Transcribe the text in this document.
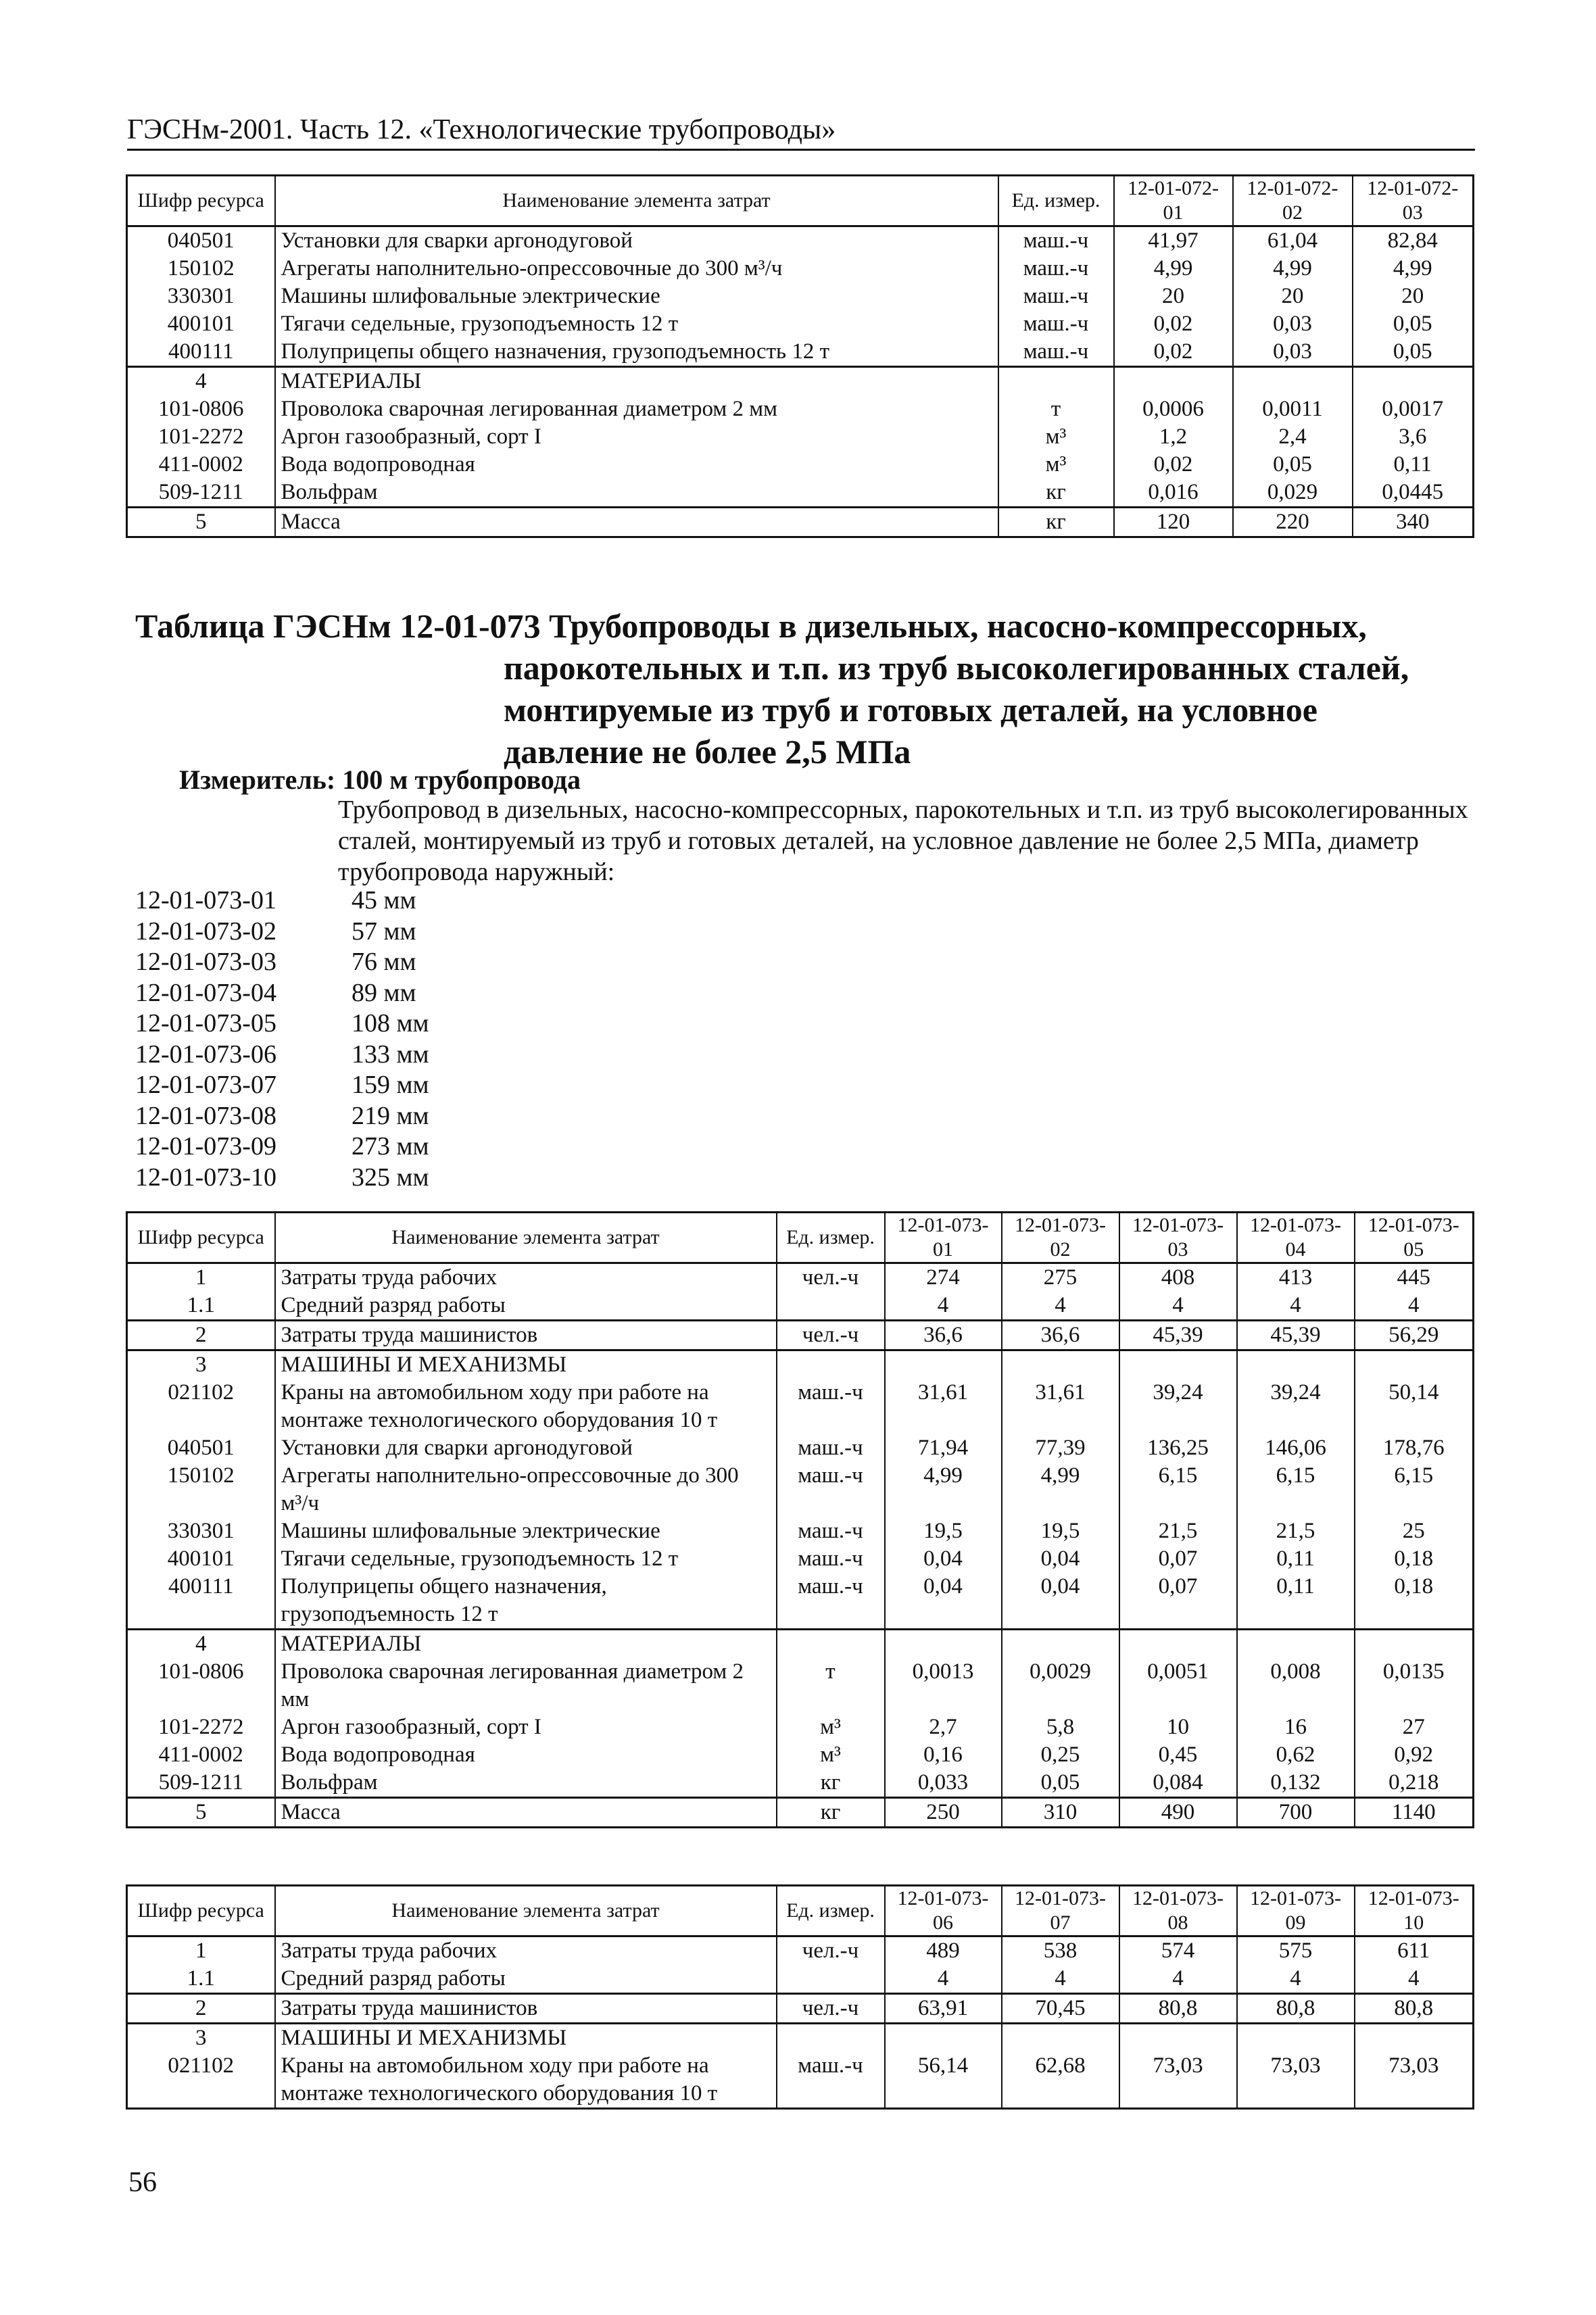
ГЭСНм-2001. Часть 12. «Технологические трубопроводы»
Шифр ресурса	Наименование элемента затрат	Ед. измер.	12-01-072-01	12-01-072-02	12-01-072-03
040501	Установки для сварки аргонодуговой	маш.-ч	41,97	61,04	82,84
150102	Агрегаты наполнительно-опрессовочные до 300 м³/ч	маш.-ч	4,99	4,99	4,99
330301	Машины шлифовальные электрические	маш.-ч	20	20	20
400101	Тягачи седельные, грузоподъемность 12 т	маш.-ч	0,02	0,03	0,05
400111	Полуприцепы общего назначения, грузоподъемность 12 т	маш.-ч	0,02	0,03	0,05
4	МАТЕРИАЛЫ				
101-0806	Проволока сварочная легированная диаметром 2 мм	т	0,0006	0,0011	0,0017
101-2272	Аргон газообразный, сорт I	м³	1,2	2,4	3,6
411-0002	Вода водопроводная	м³	0,02	0,05	0,11
509-1211	Вольфрам	кг	0,016	0,029	0,0445
5	Масса	кг	120	220	340
Таблица ГЭСНм 12-01-073 Трубопроводы в дизельных, насосно-компрессорных,
парокотельных и т.п. из труб высоколегированных сталей,
монтируемые из труб и готовых деталей, на условное
давление не более 2,5 МПа
Измеритель: 100 м трубопровода
Трубопровод в дизельных, насосно-компрессорных, парокотельных и т.п. из труб высоколегированных сталей, монтируемый из труб и готовых деталей, на условное давление не более 2,5 МПа, диаметр трубопровода наружный:
12-01-073-01	45 мм
12-01-073-02	57 мм
12-01-073-03	76 мм
12-01-073-04	89 мм
12-01-073-05	108 мм
12-01-073-06	133 мм
12-01-073-07	159 мм
12-01-073-08	219 мм
12-01-073-09	273 мм
12-01-073-10	325 мм
Шифр ресурса	Наименование элемента затрат	Ед. измер.	12-01-073-01	12-01-073-02	12-01-073-03	12-01-073-04	12-01-073-05
1	Затраты труда рабочих	чел.-ч	274	275	408	413	445
1.1	Средний разряд работы		4	4	4	4	4
2	Затраты труда машинистов	чел.-ч	36,6	36,6	45,39	45,39	56,29
3	МАШИНЫ И МЕХАНИЗМЫ						
021102	Краны на автомобильном ходу при работе на монтаже технологического оборудования 10 т	маш.-ч	31,61	31,61	39,24	39,24	50,14
040501	Установки для сварки аргонодуговой	маш.-ч	71,94	77,39	136,25	146,06	178,76
150102	Агрегаты наполнительно-опрессовочные до 300 м³/ч	маш.-ч	4,99	4,99	6,15	6,15	6,15
330301	Машины шлифовальные электрические	маш.-ч	19,5	19,5	21,5	21,5	25
400101	Тягачи седельные, грузоподъемность 12 т	маш.-ч	0,04	0,04	0,07	0,11	0,18
400111	Полуприцепы общего назначения, грузоподъемность 12 т	маш.-ч	0,04	0,04	0,07	0,11	0,18
4	МАТЕРИАЛЫ						
101-0806	Проволока сварочная легированная диаметром 2 мм	т	0,0013	0,0029	0,0051	0,008	0,0135
101-2272	Аргон газообразный, сорт I	м³	2,7	5,8	10	16	27
411-0002	Вода водопроводная	м³	0,16	0,25	0,45	0,62	0,92
509-1211	Вольфрам	кг	0,033	0,05	0,084	0,132	0,218
5	Масса	кг	250	310	490	700	1140
Шифр ресурса	Наименование элемента затрат	Ед. измер.	12-01-073-06	12-01-073-07	12-01-073-08	12-01-073-09	12-01-073-10
1	Затраты труда рабочих	чел.-ч	489	538	574	575	611
1.1	Средний разряд работы		4	4	4	4	4
2	Затраты труда машинистов	чел.-ч	63,91	70,45	80,8	80,8	80,8
3	МАШИНЫ И МЕХАНИЗМЫ						
021102	Краны на автомобильном ходу при работе на монтаже технологического оборудования 10 т	маш.-ч	56,14	62,68	73,03	73,03	73,03
56
